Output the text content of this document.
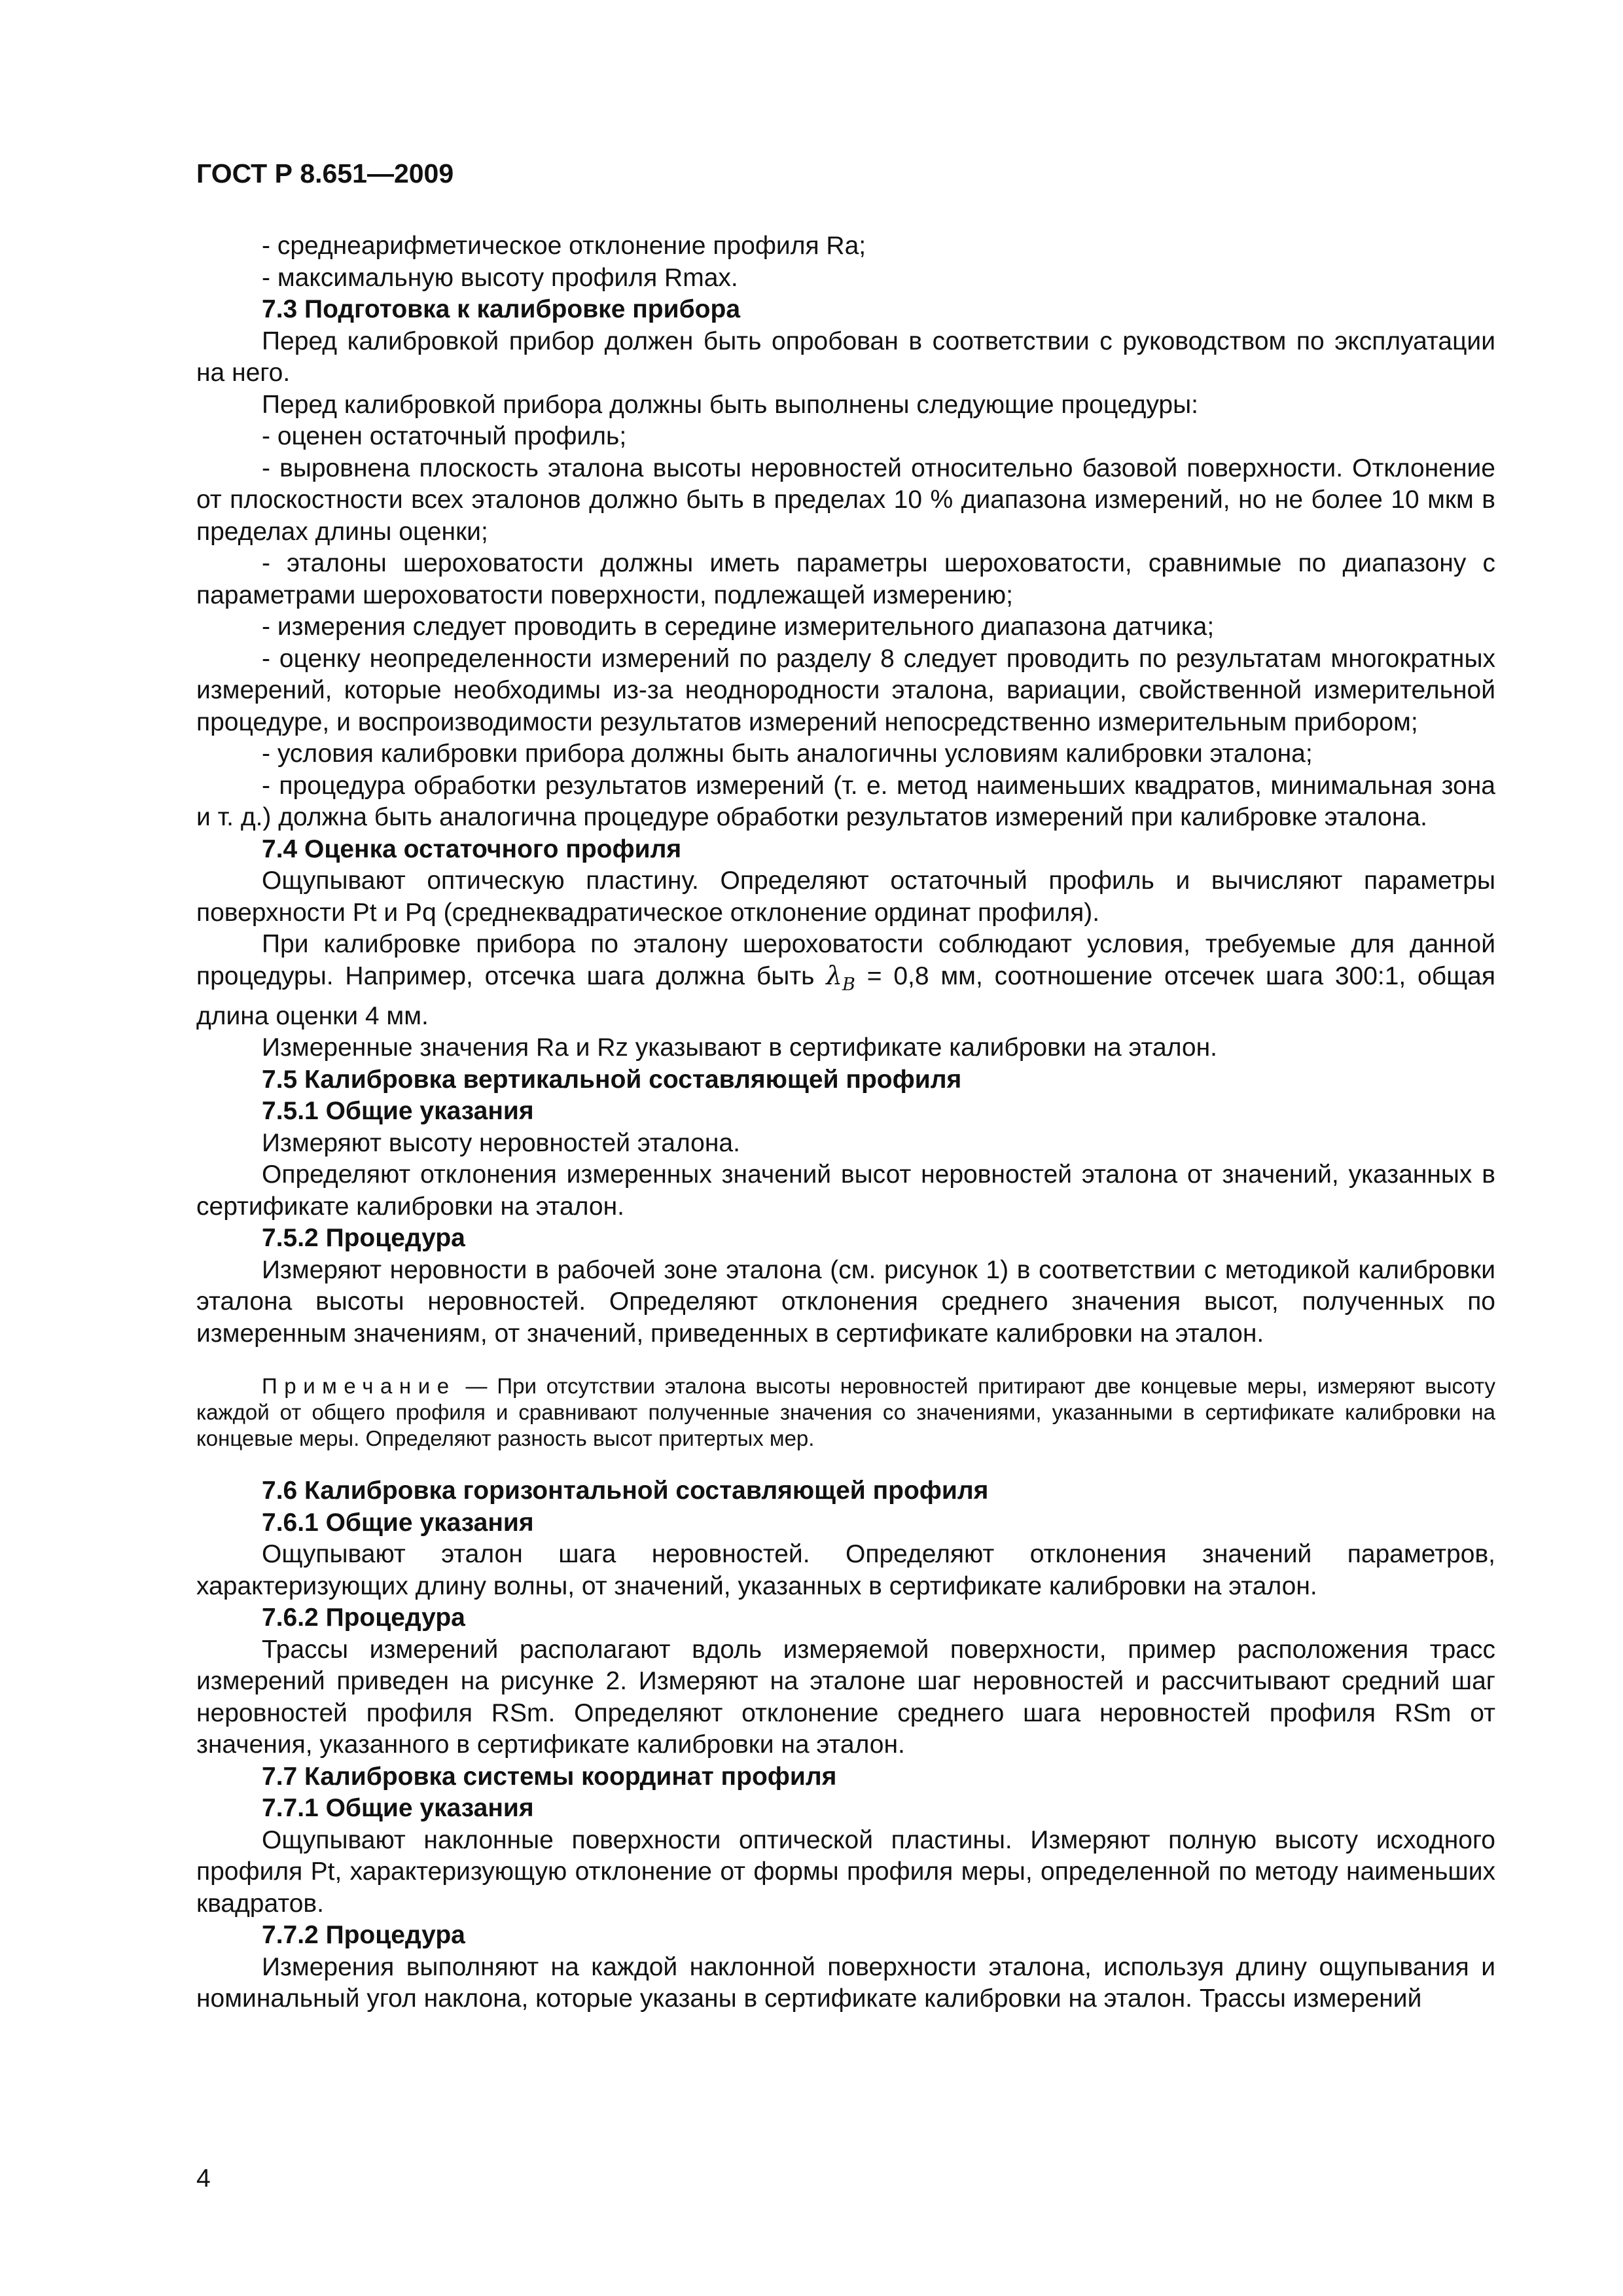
ГОСТ Р 8.651—2009

- среднеарифметическое отклонение профиля Ra;

- максимальную высоту профиля Rmax.

7.3 Подготовка к калибровке прибора

Перед калибровкой прибор должен быть опробован в соответствии с руководством по эксплуатации на него.

Перед калибровкой прибора должны быть выполнены следующие процедуры:

- оценен остаточный профиль;

- выровнена плоскость эталона высоты неровностей относительно базовой поверхности. Отклонение от плоскостности всех эталонов должно быть в пределах 10 % диапазона измерений, но не более 10 мкм в пределах длины оценки;

- эталоны шероховатости должны иметь параметры шероховатости, сравнимые по диапазону с параметрами шероховатости поверхности, подлежащей измерению;

- измерения следует проводить в середине измерительного диапазона датчика;

- оценку неопределенности измерений по разделу 8 следует проводить по результатам многократных измерений, которые необходимы из-за неоднородности эталона, вариации, свойственной измерительной процедуре, и воспроизводимости результатов измерений непосредственно измерительным прибором;

- условия калибровки прибора должны быть аналогичны условиям калибровки эталона;

- процедура обработки результатов измерений (т. е. метод наименьших квадратов, минимальная зона и т. д.) должна быть аналогична процедуре обработки результатов измерений при калибровке эталона.

7.4 Оценка остаточного профиля

Ощупывают оптическую пластину. Определяют остаточный профиль и вычисляют параметры поверхности Pt и Pq (среднеквадратическое отклонение ординат профиля).

При калибровке прибора по эталону шероховатости соблюдают условия, требуемые для данной процедуры. Например, отсечка шага должна быть $\lambda_B = 0,8$ мм, соотношение отсечек шага 300:1, общая длина оценки 4 мм.

Измеренные значения Ra и Rz указывают в сертификате калибровки на эталон.

7.5 Калибровка вертикальной составляющей профиля
7.5.1 Общие указания

Измеряют высоту неровностей эталона.

Определяют отклонения измеренных значений высот неровностей эталона от значений, указанных в сертификате калибровки на эталон.

7.5.2 Процедура

Измеряют неровности в рабочей зоне эталона (см. рисунок 1) в соответствии с методикой калибровки эталона высоты неровностей. Определяют отклонения среднего значения высот, полученных по измеренным значениям, от значений, приведенных в сертификате калибровки на эталон.

Примечание — При отсутствии эталона высоты неровностей притирают две концевые меры, измеряют высоту каждой от общего профиля и сравнивают полученные значения со значениями, указанными в сертификате калибровки на концевые меры. Определяют разность высот притертых мер.

7.6 Калибровка горизонтальной составляющей профиля
7.6.1 Общие указания

Ощупывают эталон шага неровностей. Определяют отклонения значений параметров, характеризующих длину волны, от значений, указанных в сертификате калибровки на эталон.

7.6.2 Процедура

Трассы измерений располагают вдоль измеряемой поверхности, пример расположения трасс измерений приведен на рисунке 2. Измеряют на эталоне шаг неровностей и рассчитывают средний шаг неровностей профиля RSm. Определяют отклонение среднего шага неровностей профиля RSm от значения, указанного в сертификате калибровки на эталон.

7.7 Калибровка системы координат профиля
7.7.1 Общие указания

Ощупывают наклонные поверхности оптической пластины. Измеряют полную высоту исходного профиля Pt, характеризующую отклонение от формы профиля меры, определенной по методу наименьших квадратов.

7.7.2 Процедура

Измерения выполняют на каждой наклонной поверхности эталона, используя длину ощупывания и номинальный угол наклона, которые указаны в сертификате калибровки на эталон. Трассы измерений

4
